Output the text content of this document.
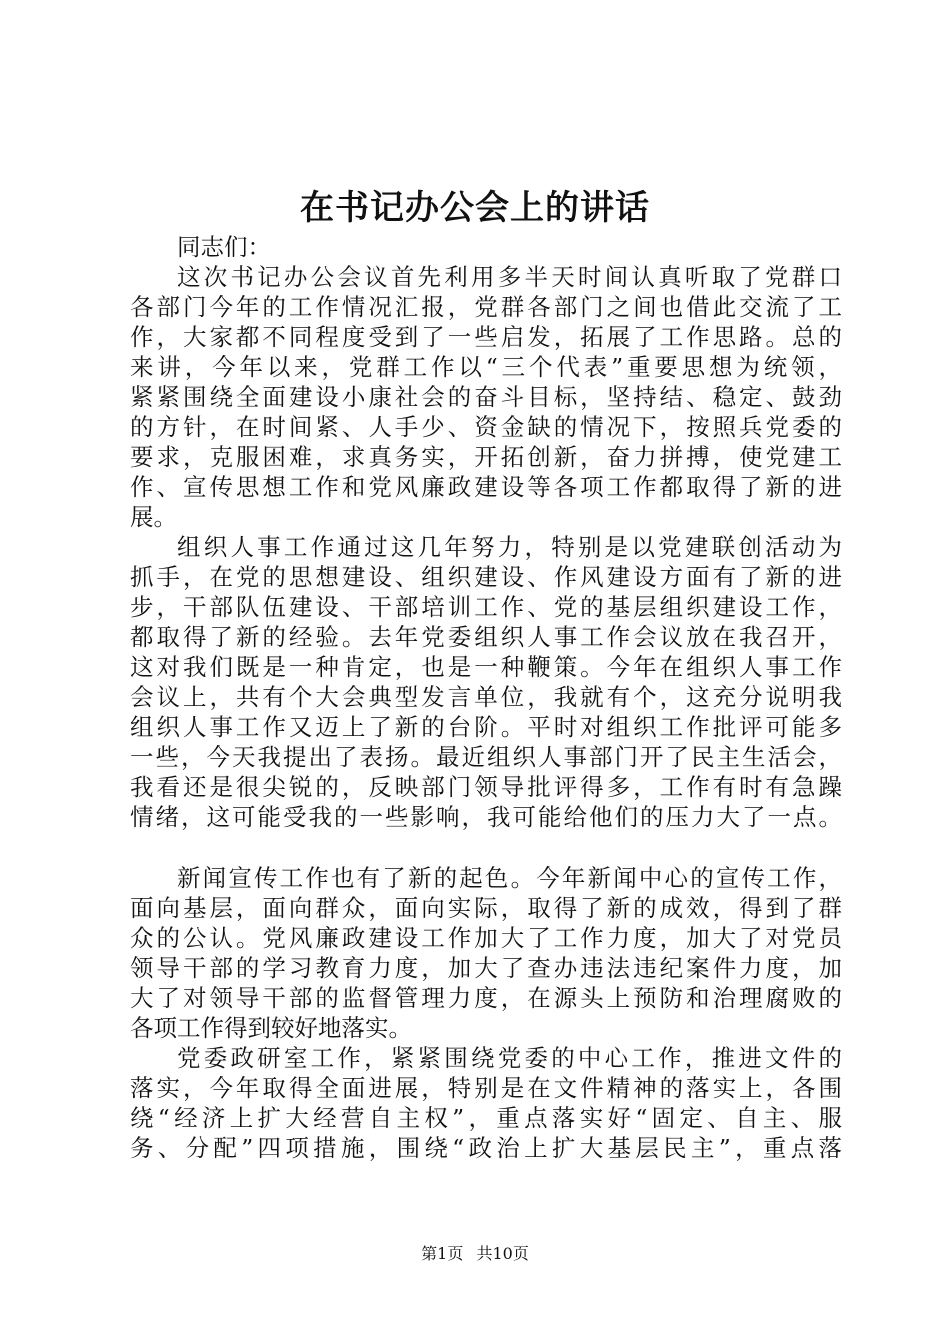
在书记办公会上的讲话
同志们：
这次书记办公会议首先利用多半天时间认真听取了党群口
各部门今年的工作情况汇报，党群各部门之间也借此交流了工
作，大家都不同程度受到了一些启发，拓展了工作思路。总的
来讲，今年以来，党群工作以“三个代表”重要思想为统领，
紧紧围绕全面建设小康社会的奋斗目标，坚持结、稳定、鼓劲
的方针，在时间紧、人手少、资金缺的情况下，按照兵党委的
要求，克服困难，求真务实，开拓创新，奋力拼搏，使党建工
作、宣传思想工作和党风廉政建设等各项工作都取得了新的进
展。
组织人事工作通过这几年努力，特别是以党建联创活动为
抓手，在党的思想建设、组织建设、作风建设方面有了新的进
步，干部队伍建设、干部培训工作、党的基层组织建设工作，
都取得了新的经验。去年党委组织人事工作会议放在我召开，
这对我们既是一种肯定，也是一种鞭策。今年在组织人事工作
会议上，共有个大会典型发言单位，我就有个，这充分说明我
组织人事工作又迈上了新的台阶。平时对组织工作批评可能多
一些，今天我提出了表扬。最近组织人事部门开了民主生活会，
我看还是很尖锐的，反映部门领导批评得多，工作有时有急躁
情绪，这可能受我的一些影响，我可能给他们的压力大了一点。
新闻宣传工作也有了新的起色。今年新闻中心的宣传工作，
面向基层，面向群众，面向实际，取得了新的成效，得到了群
众的公认。党风廉政建设工作加大了工作力度，加大了对党员
领导干部的学习教育力度，加大了查办违法违纪案件力度，加
大了对领导干部的监督管理力度，在源头上预防和治理腐败的
各项工作得到较好地落实。
党委政研室工作，紧紧围绕党委的中心工作，推进文件的
落实，今年取得全面进展，特别是在文件精神的落实上，各围
绕“经济上扩大经营自主权”，重点落实好“固定、自主、服
务、分配”四项措施，围绕“政治上扩大基层民主”，重点落
第1页 共10页
